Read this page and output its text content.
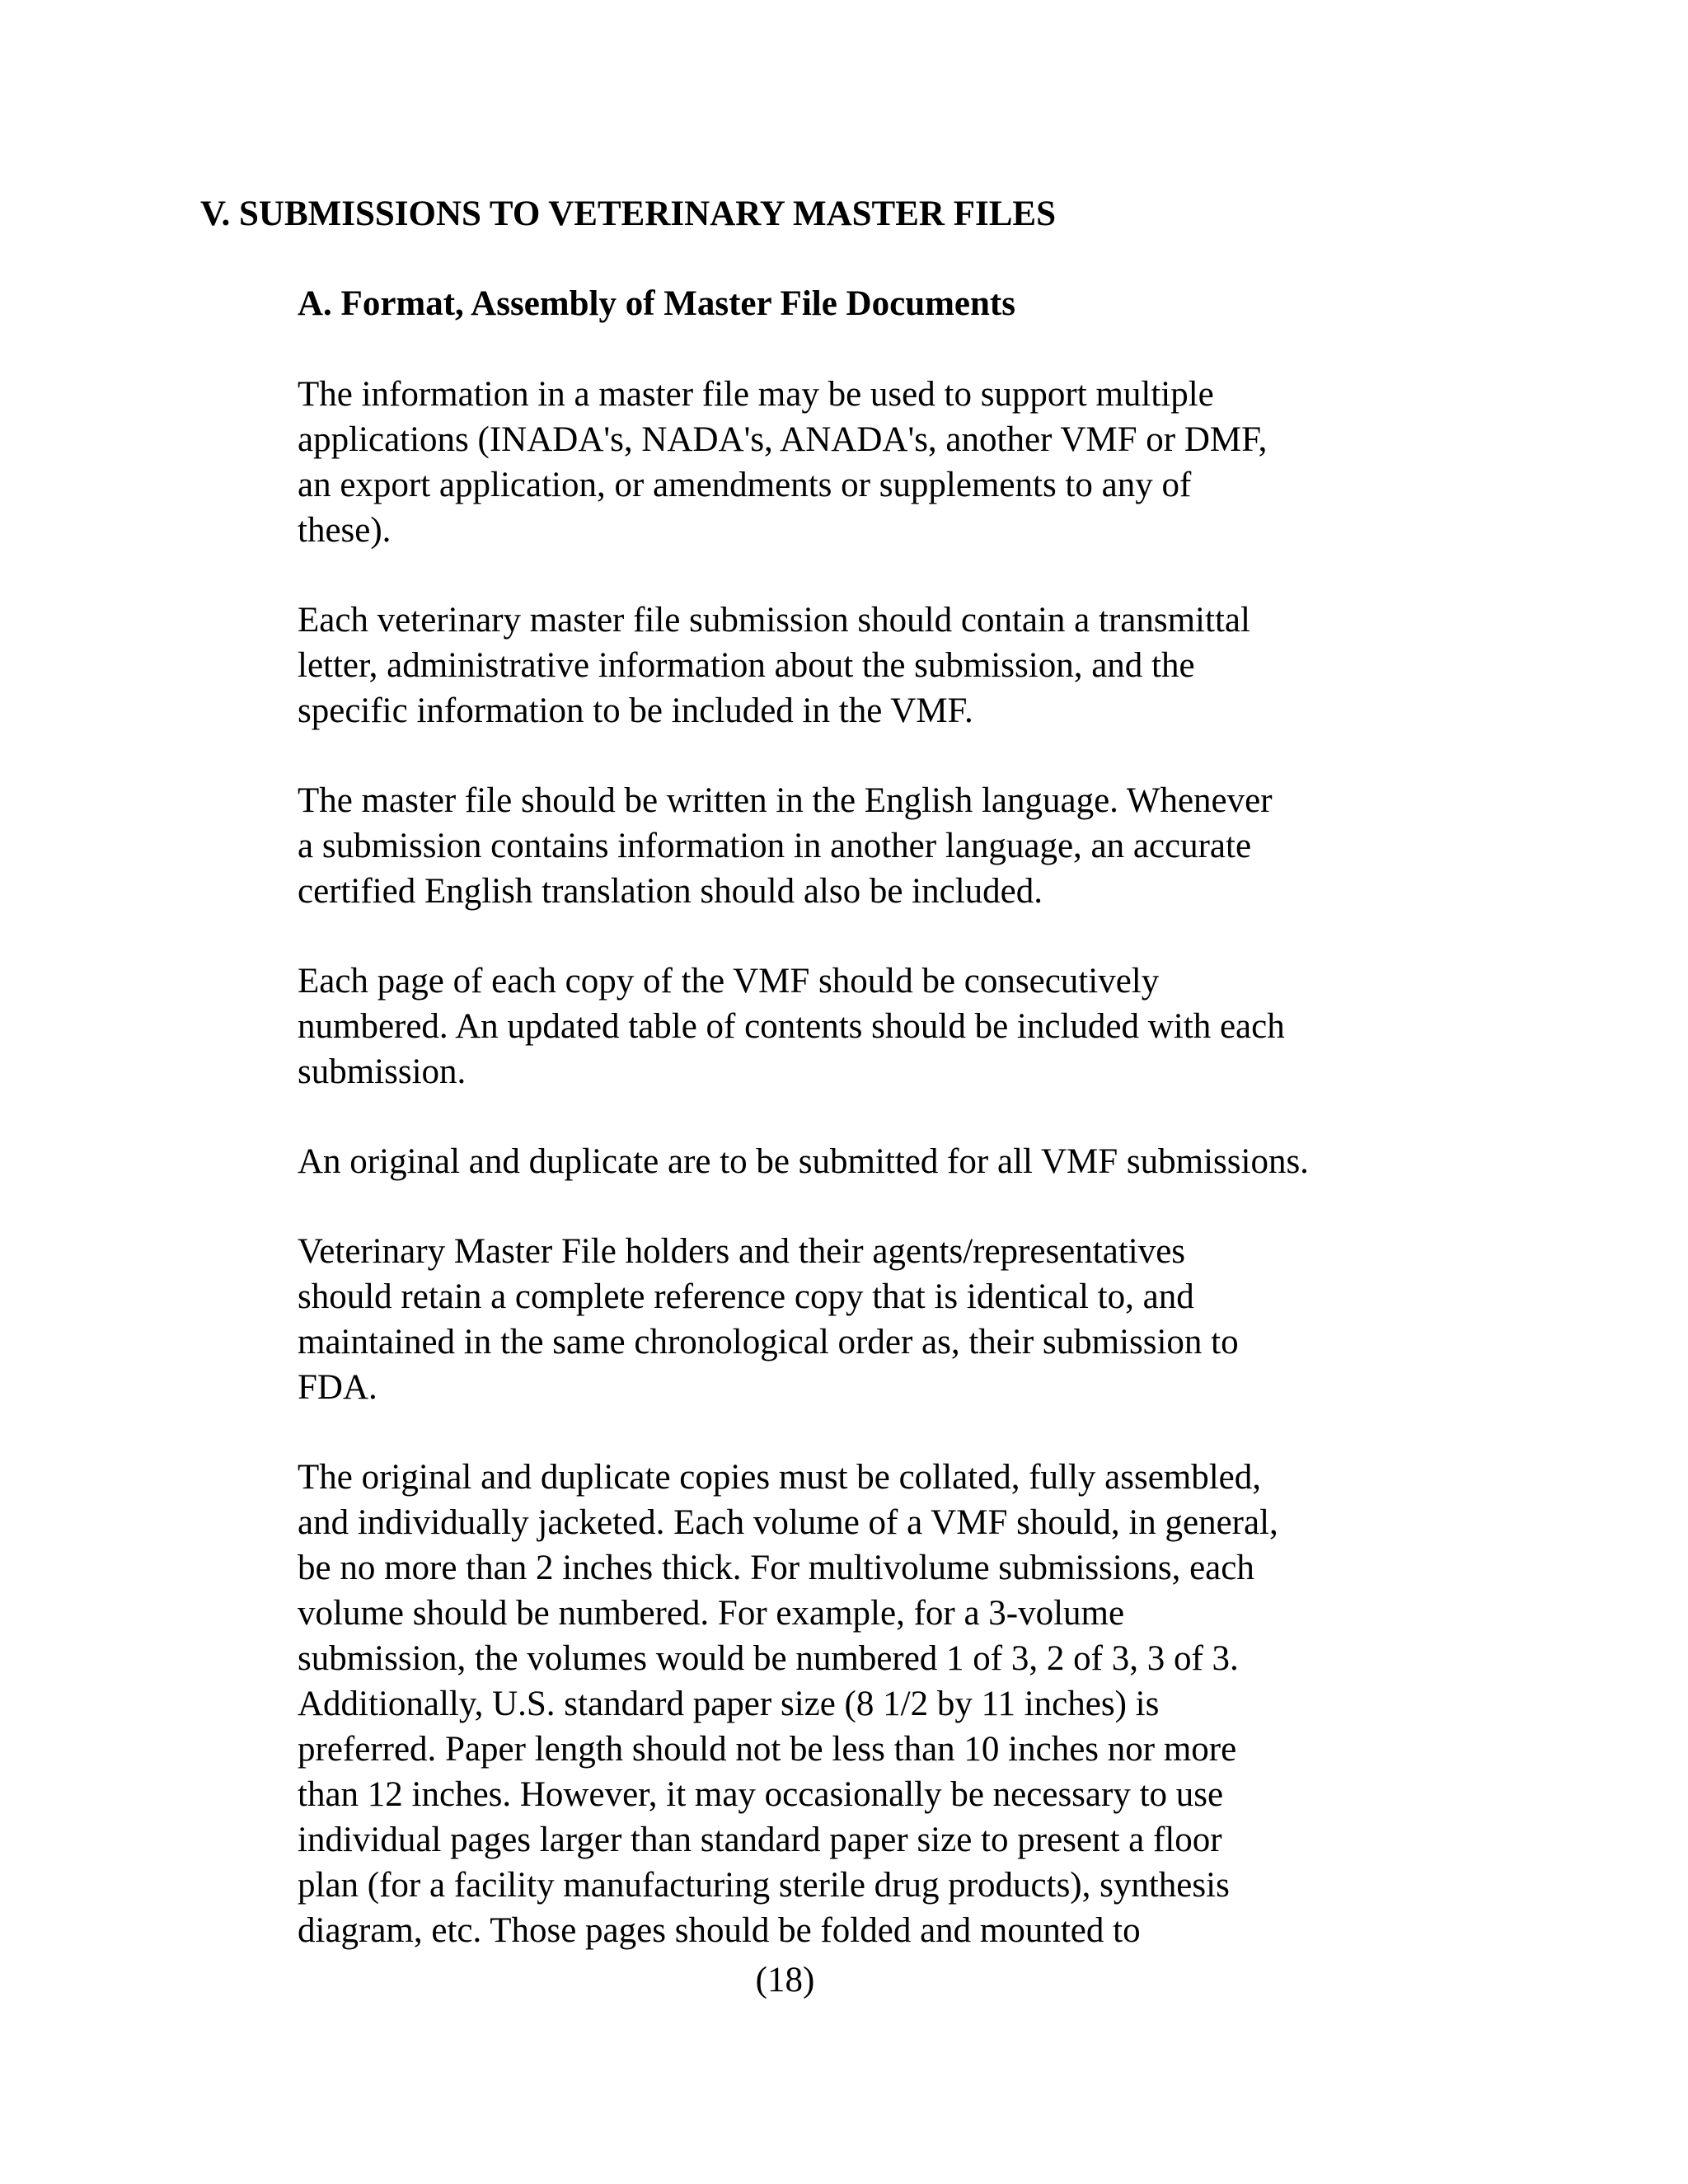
V. SUBMISSIONS TO VETERINARY MASTER FILES
A. Format, Assembly of Master File Documents

The information in a master file may be used to support multiple
applications (INADA's, NADA's, ANADA's, another VMF or DMF,
an export application, or amendments or supplements to any of
these).

Each veterinary master file submission should contain a transmittal
letter, administrative information about the submission, and the
specific information to be included in the VMF.

The master file should be written in the English language. Whenever
a submission contains information in another language, an accurate
certified English translation should also be included.

Each page of each copy of the VMF should be consecutively
numbered. An updated table of contents should be included with each
submission.

An original and duplicate are to be submitted for all VMF submissions.

Veterinary Master File holders and their agents/representatives
should retain a complete reference copy that is identical to, and
maintained in the same chronological order as, their submission to
FDA.

The original and duplicate copies must be collated, fully assembled,
and individually jacketed. Each volume of a VMF should, in general,
be no more than 2 inches thick. For multivolume submissions, each
volume should be numbered. For example, for a 3-volume
submission, the volumes would be numbered 1 of 3, 2 of 3, 3 of 3.
Additionally, U.S. standard paper size (8 1/2 by 11 inches) is
preferred. Paper length should not be less than 10 inches nor more
than 12 inches. However, it may occasionally be necessary to use
individual pages larger than standard paper size to present a floor
plan (for a facility manufacturing sterile drug products), synthesis
diagram, etc. Those pages should be folded and mounted to

(18)
